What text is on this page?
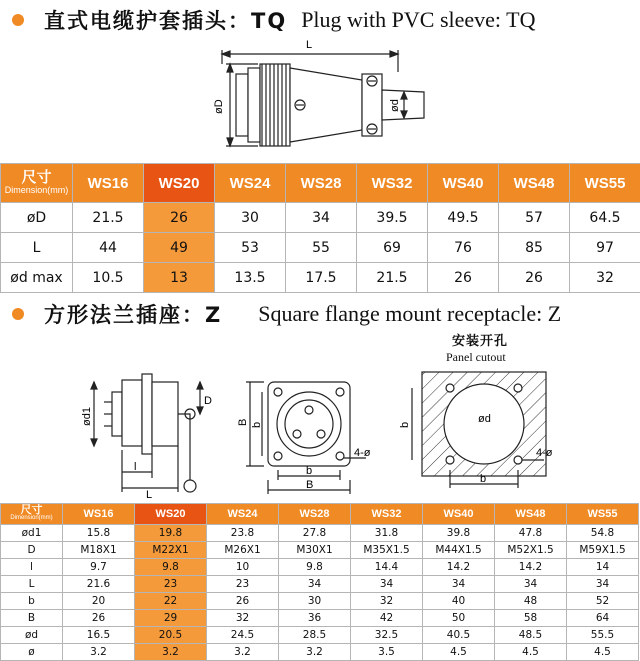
直式电缆护套插头：TQ Plug with PVC sleeve: TQ
L
øD	ød
尺寸
Dimension(mm)	WS16	WS20	WS24	WS28	WS32	WS40	WS48	WS55
øD	21.5	26	30	34	39.5	49.5	57	64.5
L	44	49	53	55	69	76	85	97
ød max	10.5	13	13.5	17.5	21.5	26	26	32
方形法兰插座：Z Square flange mount receptacle: Z
安装开孔
Panel cutout
ød1
D
l
L
B b
4-ø
b
B
ød
b
b
4-ø
尺寸
Dimension(mm)	WS16	WS20	WS24	WS28	WS32	WS40	WS48	WS55
ød1	15.8	19.8	23.8	27.8	31.8	39.8	47.8	54.8
D	M18X1	M22X1	M26X1	M30X1	M35X1.5	M44X1.5	M52X1.5	M59X1.5
l	9.7	9.8	10	9.8	14.4	14.2	14.2	14
L	21.6	23	23	34	34	34	34	34
b	20	22	26	30	32	40	48	52
B	26	29	32	36	42	50	58	64
ød	16.5	20.5	24.5	28.5	32.5	40.5	48.5	55.5
ø	3.2	3.2	3.2	3.2	3.5	4.5	4.5	4.5
